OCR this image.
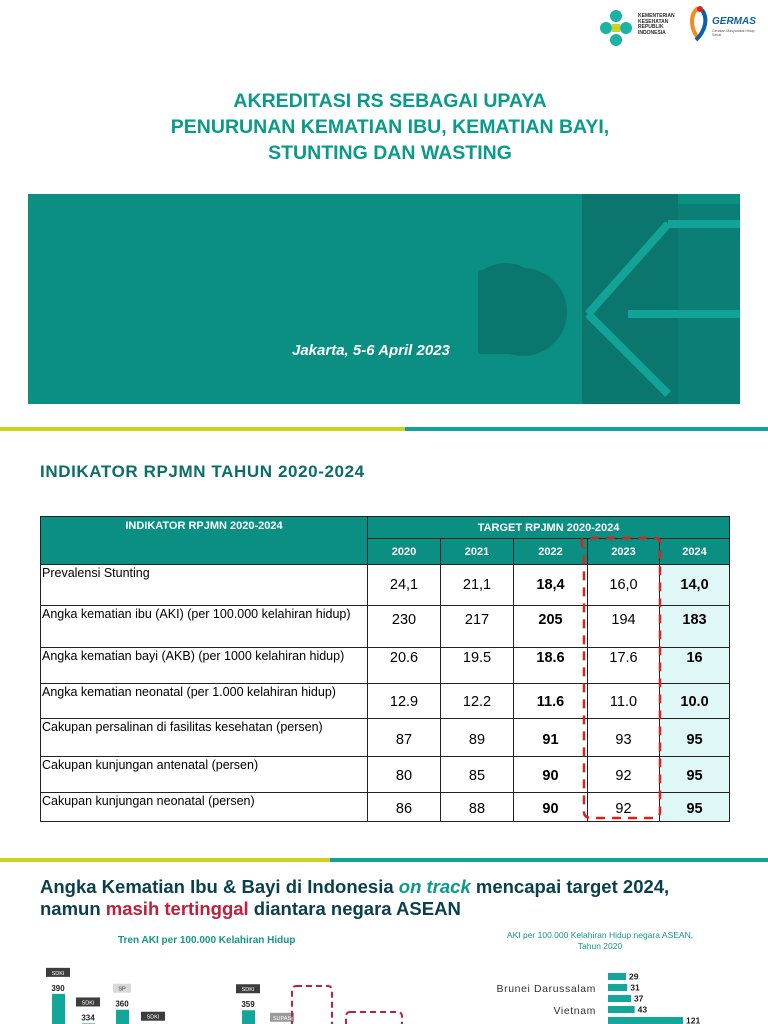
KEMENTERIAN
KESEHATAN
REPUBLIK
INDONESIA
GERMAS
Gerakan Masyarakat Hidup Sehat
AKREDITASI RS SEBAGAI UPAYA
PENURUNAN KEMATIAN IBU, KEMATIAN BAYI,
STUNTING DAN WASTING
Jakarta, 5-6 April 2023
INDIKATOR RPJMN TAHUN 2020-2024
INDIKATOR RPJMN 2020-2024	TARGET RPJMN 2020-2024				
	2020	2021	2022	2023	2024
Prevalensi Stunting	24,1	21,1	18,4	16,0	14,0
Angka kematian ibu (AKI) (per 100.000 kelahiran hidup)	230	217	205	194	183
Angka kematian bayi (AKB) (per 1000 kelahiran hidup)	20.6	19.5	18.6	17.6	16
Angka kematian neonatal (per 1.000 kelahiran hidup)	12.9	12.2	11.6	11.0	10.0
Cakupan persalinan di fasilitas kesehatan (persen)	87	89	91	93	95
Cakupan kunjungan antenatal (persen)	80	85	90	92	95
Cakupan kunjungan neonatal (persen)	86	88	90	92	95
Angka Kematian Ibu & Bayi di Indonesia on track mencapai target 2024,
namun masih tertinggal diantara negara ASEAN
Tren AKI per 100.000 Kelahiran Hidup	AKI per 100.000 Kelahiran Hidup negara ASEAN, Tahun 2020
390
SDKI
334
SDKI	360
SP
SDKI
359
SDKI
SUPAS
29
31
37
43
121
Brunei Darussalam
Vietnam
